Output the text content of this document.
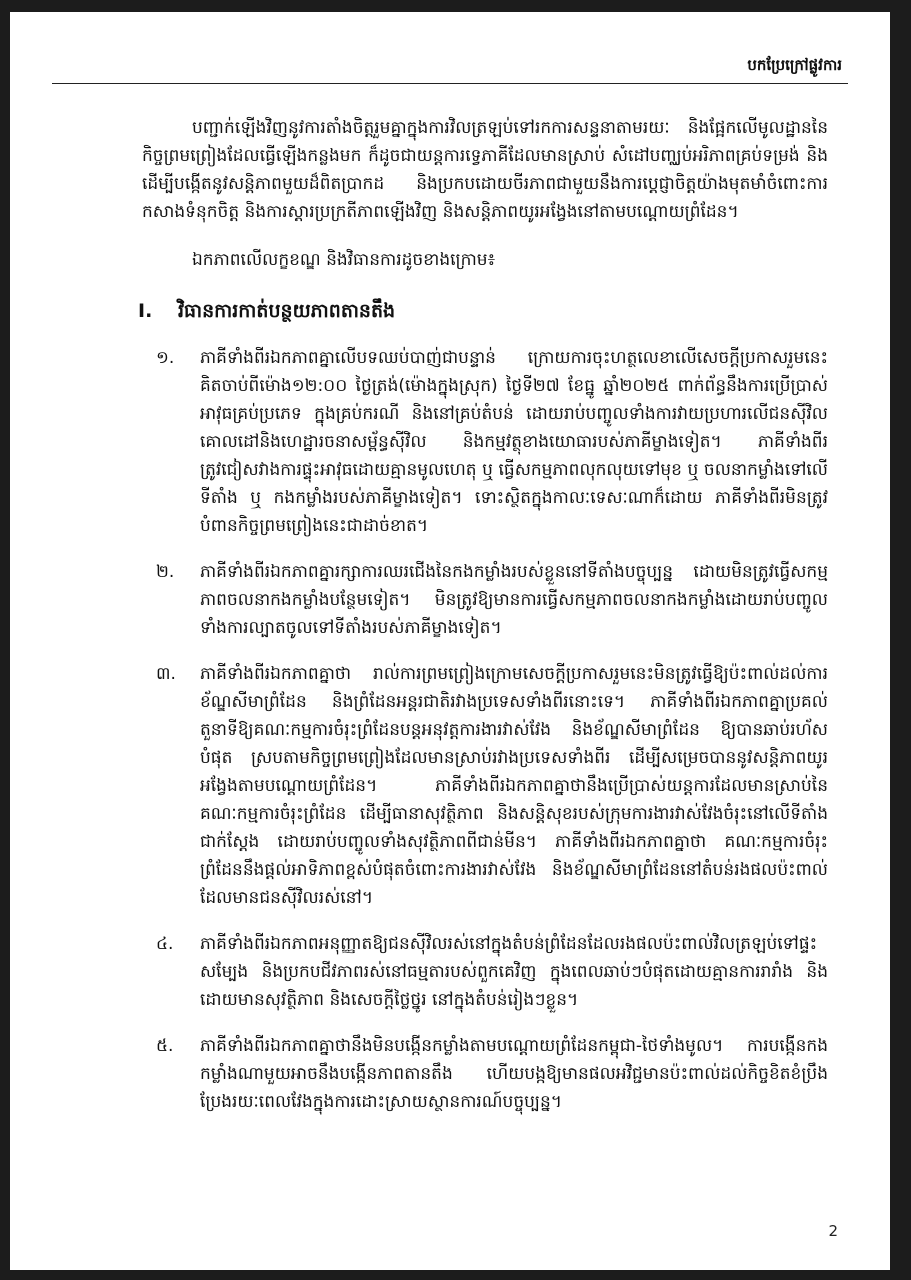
បកប្រែក្រៅផ្លូវការ

បញ្ជាក់ឡើងវិញនូវការតាំងចិត្តរួមគ្នាក្នុងការវិលត្រឡប់ទៅរកការសន្ទនាតាមរយៈ និងផ្អែកលើមូលដ្ឋាននៃកិច្ចព្រមព្រៀងដែលធ្វើឡើងកន្លងមក ក៏ដូចជាយន្តការទ្វេភាគីដែលមានស្រាប់ សំដៅបញ្ឈប់អរិភាពគ្រប់ទម្រង់ និងដើម្បីបង្កើតនូវសន្តិភាពមួយដ៏ពិតប្រាកដ និងប្រកបដោយចីរភាពជាមួយនឹងការប្តេជ្ញាចិត្តយ៉ាងមុតមាំចំពោះការកសាងទំនុកចិត្ត និងការស្តារប្រក្រតីភាពឡើងវិញ និងសន្តិភាពយូរអង្វែងនៅតាមបណ្តោយព្រំដែន។

ឯកភាពលើលក្ខខណ្ឌ និងវិធានការដូចខាងក្រោម៖

I. វិធានការកាត់បន្ថយភាពតានតឹង
១.	ភាគីទាំងពីរឯកភាពគ្នាលើបទឈប់បាញ់ជាបន្ទាន់ ក្រោយការចុះហត្ថលេខាលើសេចក្តីប្រកាសរួមនេះ គិតចាប់ពីម៉ោង១២:០០ ថ្ងៃត្រង់(ម៉ោងក្នុងស្រុក) ថ្ងៃទី២៧ ខែធ្នូ ឆ្នាំ២០២៥ ពាក់ព័ន្ធនឹងការប្រើប្រាស់អាវុធគ្រប់ប្រភេទ ក្នុងគ្រប់ករណី និងនៅគ្រប់តំបន់ ដោយរាប់បញ្ចូលទាំងការវាយប្រហារលើជនស៊ីវិល គោលដៅនិងហេដ្ឋារចនាសម្ព័ន្ធស៊ីវិល និងកម្មវត្ថុខាងយោធារបស់ភាគីម្ខាងទៀត។ ភាគីទាំងពីរត្រូវជៀសវាងការផ្ទុះអាវុធដោយគ្មានមូលហេតុ ឬ ធ្វើសកម្មភាពលុកលុយទៅមុខ ឬ ចលនាកម្លាំងទៅលើទីតាំង ឬ កងកម្លាំងរបស់ភាគីម្ខាងទៀត។ ទោះស្ថិតក្នុងកាលៈទេសៈណាក៏ដោយ ភាគីទាំងពីរមិនត្រូវបំពានកិច្ចព្រមព្រៀងនេះជាដាច់ខាត។
២.	ភាគីទាំងពីរឯកភាពគ្នារក្សាការឈរជើងនៃកងកម្លាំងរបស់ខ្លួននៅទីតាំងបច្ចុប្បន្ន ដោយមិនត្រូវធ្វើសកម្មភាពចលនាកងកម្លាំងបន្ថែមទៀត។ មិនត្រូវឱ្យមានការធ្វើសកម្មភាពចលនាកងកម្លាំងដោយរាប់បញ្ចូលទាំងការល្បាតចូលទៅទីតាំងរបស់ភាគីម្ខាងទៀត។
៣.	ភាគីទាំងពីរឯកភាពគ្នាថា រាល់ការព្រមព្រៀងក្រោមសេចក្តីប្រកាសរួមនេះមិនត្រូវធ្វើឱ្យប៉ះពាល់ដល់ការខ័ណ្ឌសីមាព្រំដែន និងព្រំដែនអន្តរជាតិរវាងប្រទេសទាំងពីរនោះទេ។ ភាគីទាំងពីរឯកភាពគ្នាប្រគល់តួនាទីឱ្យគណៈកម្មការចំរុះព្រំដែនបន្តអនុវត្តការងារវាស់វែង និងខ័ណ្ឌសីមាព្រំដែន ឱ្យបានឆាប់រហ័សបំផុត ស្របតាមកិច្ចព្រមព្រៀងដែលមានស្រាប់រវាងប្រទេសទាំងពីរ ដើម្បីសម្រេចបាននូវសន្តិភាពយូរអង្វែងតាមបណ្តោយព្រំដែន។ ភាគីទាំងពីរឯកភាពគ្នាថានឹងប្រើប្រាស់យន្តការដែលមានស្រាប់នៃគណៈកម្មការចំរុះព្រំដែន ដើម្បីធានាសុវត្ថិភាព និងសន្តិសុខរបស់ក្រុមការងារវាស់វែងចំរុះនៅលើទីតាំងជាក់ស្តែង ដោយរាប់បញ្ចូលទាំងសុវត្ថិភាពពីជាន់មីន។ ភាគីទាំងពីរឯកភាពគ្នាថា គណៈកម្មការចំរុះព្រំដែននឹងផ្តល់អាទិភាពខ្ពស់បំផុតចំពោះការងារវាស់វែង និងខ័ណ្ឌសីមាព្រំដែននៅតំបន់រងផលប៉ះពាល់ ដែលមានជនស៊ីវិលរស់នៅ។
៤.	ភាគីទាំងពីរឯកភាពអនុញ្ញាតឱ្យជនស៊ីវិលរស់នៅក្នុងតំបន់ព្រំដែនដែលរងផលប៉ះពាល់វិលត្រឡប់ទៅផ្ទះសម្បែង និងប្រកបជីវភាពរស់នៅធម្មតារបស់ពួកគេវិញ ក្នុងពេលឆាប់ៗបំផុតដោយគ្មានការរារាំង និងដោយមានសុវត្ថិភាព និងសេចក្តីថ្លៃថ្នូរ នៅក្នុងតំបន់រៀងៗខ្លួន។
៥.	ភាគីទាំងពីរឯកភាពគ្នាថានឹងមិនបង្កើនកម្លាំងតាមបណ្តោយព្រំដែនកម្ពុជា-ថៃទាំងមូល។ ការបង្កើនកងកម្លាំងណាមួយអាចនឹងបង្កើនភាពតានតឹង ហើយបង្កឱ្យមានផលអវិជ្ជមានប៉ះពាល់ដល់កិច្ចខិតខំប្រឹងប្រែងរយៈពេលវែងក្នុងការដោះស្រាយស្ថានការណ៍បច្ចុប្បន្ន។
2
